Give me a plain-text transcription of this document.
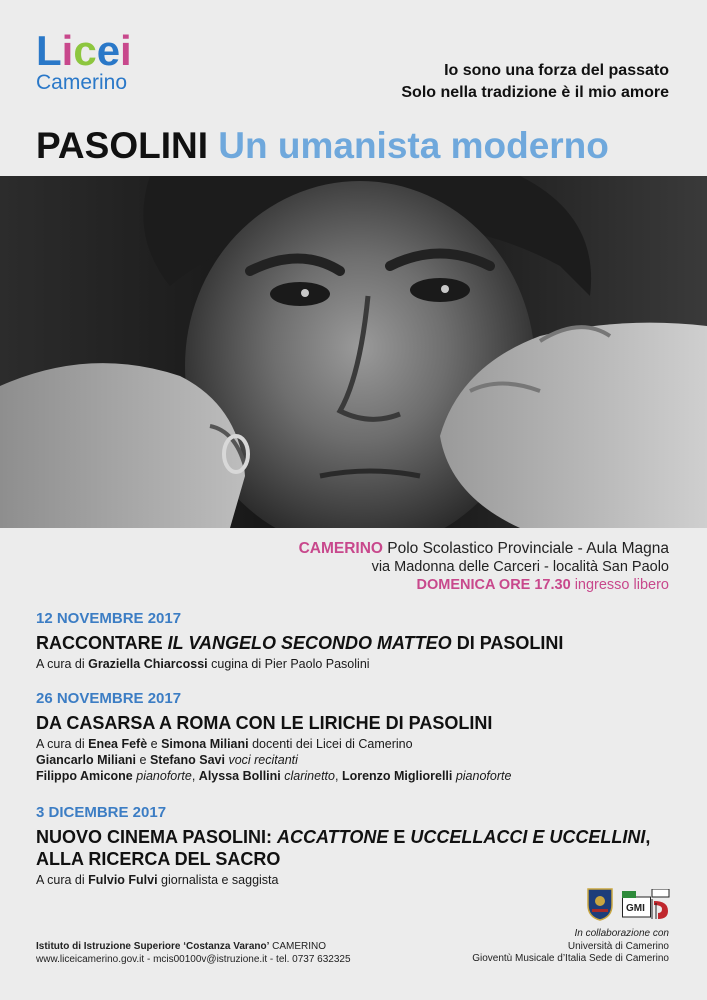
Licei
Camerino
Io sono una forza del passato
Solo nella tradizione è il mio amore
PASOLINI Un umanista moderno
CAMERINO Polo Scolastico Provinciale - Aula Magna
via Madonna delle Carceri - località San Paolo
DOMENICA ORE 17.30 ingresso libero
12 NOVEMBRE 2017
RACCONTARE IL VANGELO SECONDO MATTEO DI PASOLINI
A cura di Graziella Chiarcossi cugina di Pier Paolo Pasolini
26 NOVEMBRE 2017
DA CASARSA A ROMA CON LE LIRICHE DI PASOLINI
A cura di Enea Fefè e Simona Miliani docenti dei Licei di Camerino
Giancarlo Miliani e Stefano Savi voci recitanti
Filippo Amicone pianoforte, Alyssa Bollini clarinetto, Lorenzo Migliorelli pianoforte
3 DICEMBRE 2017
NUOVO CINEMA PASOLINI: ACCATTONE E UCCELLACCI E UCCELLINI,
ALLA RICERCA DEL SACRO
A cura di Fulvio Fulvi giornalista e saggista
GMI
Istituto di Istruzione Superiore ‘Costanza Varano’ CAMERINO
www.liceicamerino.gov.it - mcis00100v@istruzione.it - tel. 0737 632325
In collaborazione con
Università di Camerino
Gioventù Musicale d’Italia Sede di Camerino
